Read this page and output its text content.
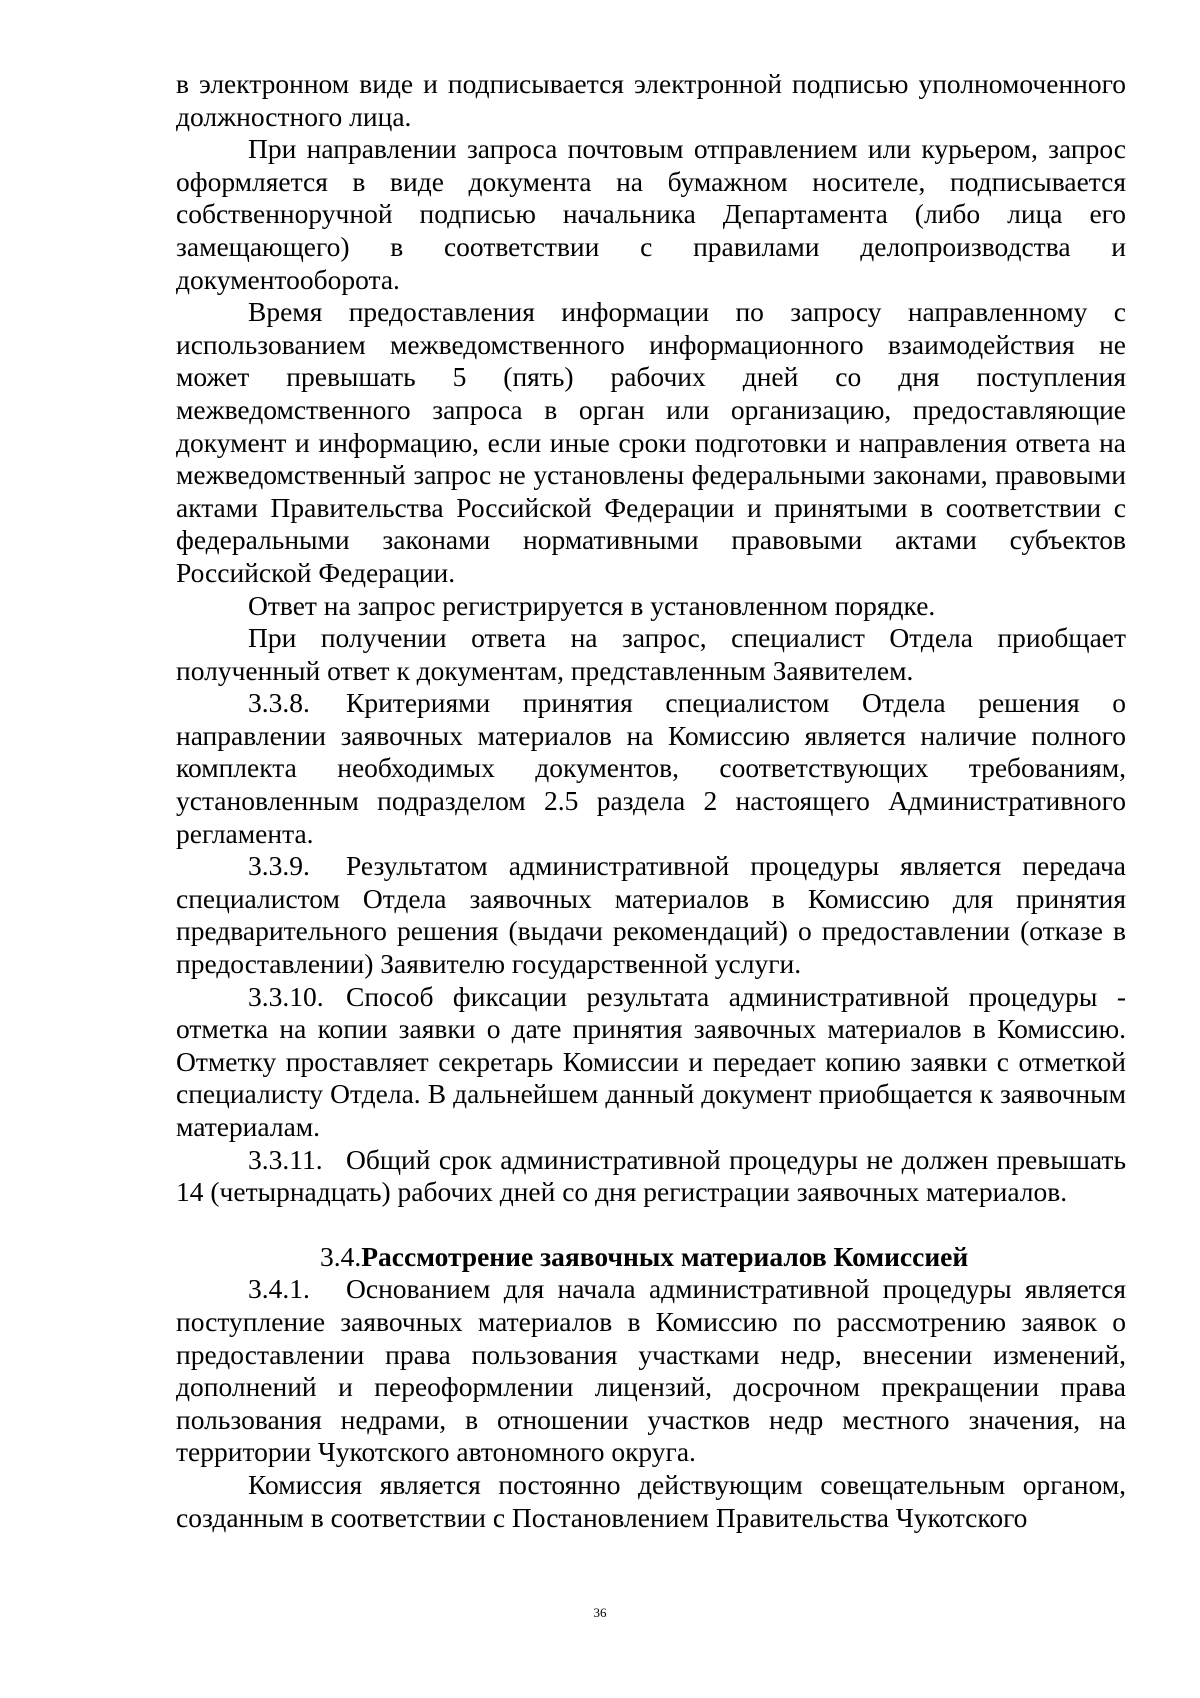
в электронном виде и подписывается электронной подписью уполномоченного должностного лица.

При направлении запроса почтовым отправлением или курьером, запрос оформляется в виде документа на бумажном носителе, подписывается собственноручной подписью начальника Департамента (либо лица его замещающего) в соответствии с правилами делопроизводства и документооборота.

Время предоставления информации по запросу направленному с использованием межведомственного информационного взаимодействия не может превышать 5 (пять) рабочих дней со дня поступления межведомственного запроса в орган или организацию, предоставляющие документ и информацию, если иные сроки подготовки и направления ответа на межведомственный запрос не установлены федеральными законами, правовыми актами Правительства Российской Федерации и принятыми в соответствии с федеральными законами нормативными правовыми актами субъектов Российской Федерации.

Ответ на запрос регистрируется в установленном порядке.

При получении ответа на запрос, специалист Отдела приобщает полученный ответ к документам, представленным Заявителем.

3.3.8. Критериями принятия специалистом Отдела решения о направлении заявочных материалов на Комиссию является наличие полного комплекта необходимых документов, соответствующих требованиям, установленным подразделом 2.5 раздела 2 настоящего Административного регламента.

3.3.9. Результатом административной процедуры является передача специалистом Отдела заявочных материалов в Комиссию для принятия предварительного решения (выдачи рекомендаций) о предоставлении (отказе в предоставлении) Заявителю государственной услуги.

3.3.10. Способ фиксации результата административной процедуры - отметка на копии заявки о дате принятия заявочных материалов в Комиссию. Отметку проставляет секретарь Комиссии и передает копию заявки с отметкой специалисту Отдела. В дальнейшем данный документ приобщается к заявочным материалам.

3.3.11. Общий срок административной процедуры не должен превышать 14 (четырнадцать) рабочих дней со дня регистрации заявочных материалов.

3.4.Рассмотрение заявочных материалов Комиссией

3.4.1. Основанием для начала административной процедуры является поступление заявочных материалов в Комиссию по рассмотрению заявок о предоставлении права пользования участками недр, внесении изменений, дополнений и переоформлении лицензий, досрочном прекращении права пользования недрами, в отношении участков недр местного значения, на территории Чукотского автономного округа.

Комиссия является постоянно действующим совещательным органом, созданным в соответствии с Постановлением Правительства Чукотского

36
